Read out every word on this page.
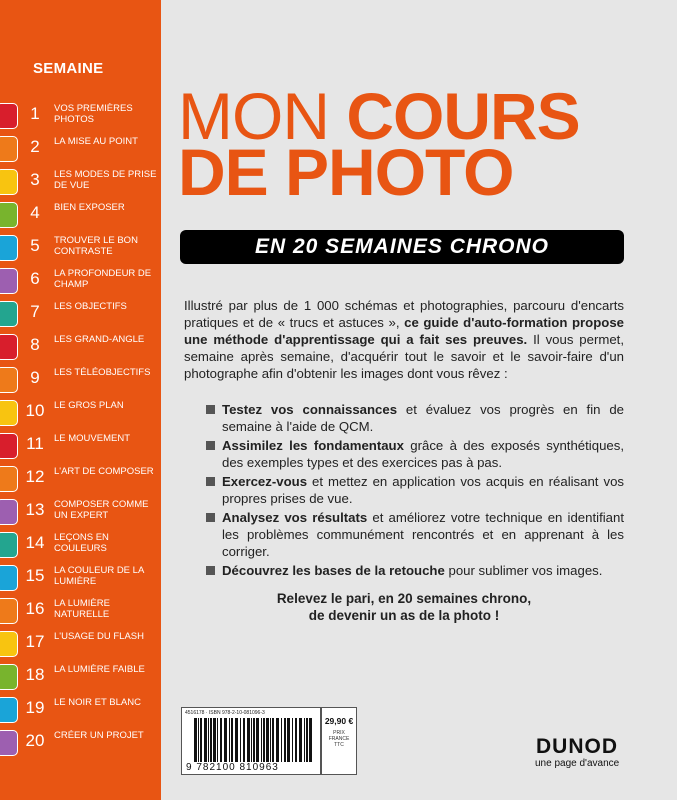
SEMAINE
1	VOS PREMIÈRES PHOTOS
2	LA MISE AU POINT
3	LES MODES DE PRISE DE VUE
4	BIEN EXPOSER
5	TROUVER LE BON CONTRASTE
6	LA PROFONDEUR DE CHAMP
7	LES OBJECTIFS
8	LES GRAND-ANGLE
9	LES TÉLÉOBJECTIFS
10	LE GROS PLAN
11	LE MOUVEMENT
12	L'ART DE COMPOSER
13	COMPOSER COMME UN EXPERT
14	LEÇONS EN COULEURS
15	LA COULEUR DE LA LUMIÈRE
16	LA LUMIÈRE NATURELLE
17	L'USAGE DU FLASH
18	LA LUMIÈRE FAIBLE
19	LE NOIR ET BLANC
20	CRÉER UN PROJET
MON COURS
DE PHOTO
EN 20 SEMAINES CHRONO
Illustré par plus de 1 000 schémas et photographies, parcouru d'encarts pratiques et de « trucs et astuces », ce guide d'auto-formation propose une méthode d'apprentissage qui a fait ses preuves. Il vous permet, semaine après semaine, d'acquérir tout le savoir et le savoir-faire d'un photographe afin d'obtenir les images dont vous rêvez :
Testez vos connaissances et évaluez vos progrès en fin de semaine à l'aide de QCM.
Assimilez les fondamentaux grâce à des exposés synthétiques, des exemples types et des exercices pas à pas.
Exercez-vous et mettez en application vos acquis en réalisant vos propres prises de vue.
Analysez vos résultats et améliorez votre technique en identifiant les problèmes communément rencontrés et en apprenant à les corriger.
Découvrez les bases de la retouche pour sublimer vos images.
Relevez le pari, en 20 semaines chrono,
de devenir un as de la photo !
4516178 · ISBN 978-2-10-081096-3
9 782100 810963
29,90 €
PRIX
FRANCE
TTC	DUNOD
une page d'avance
